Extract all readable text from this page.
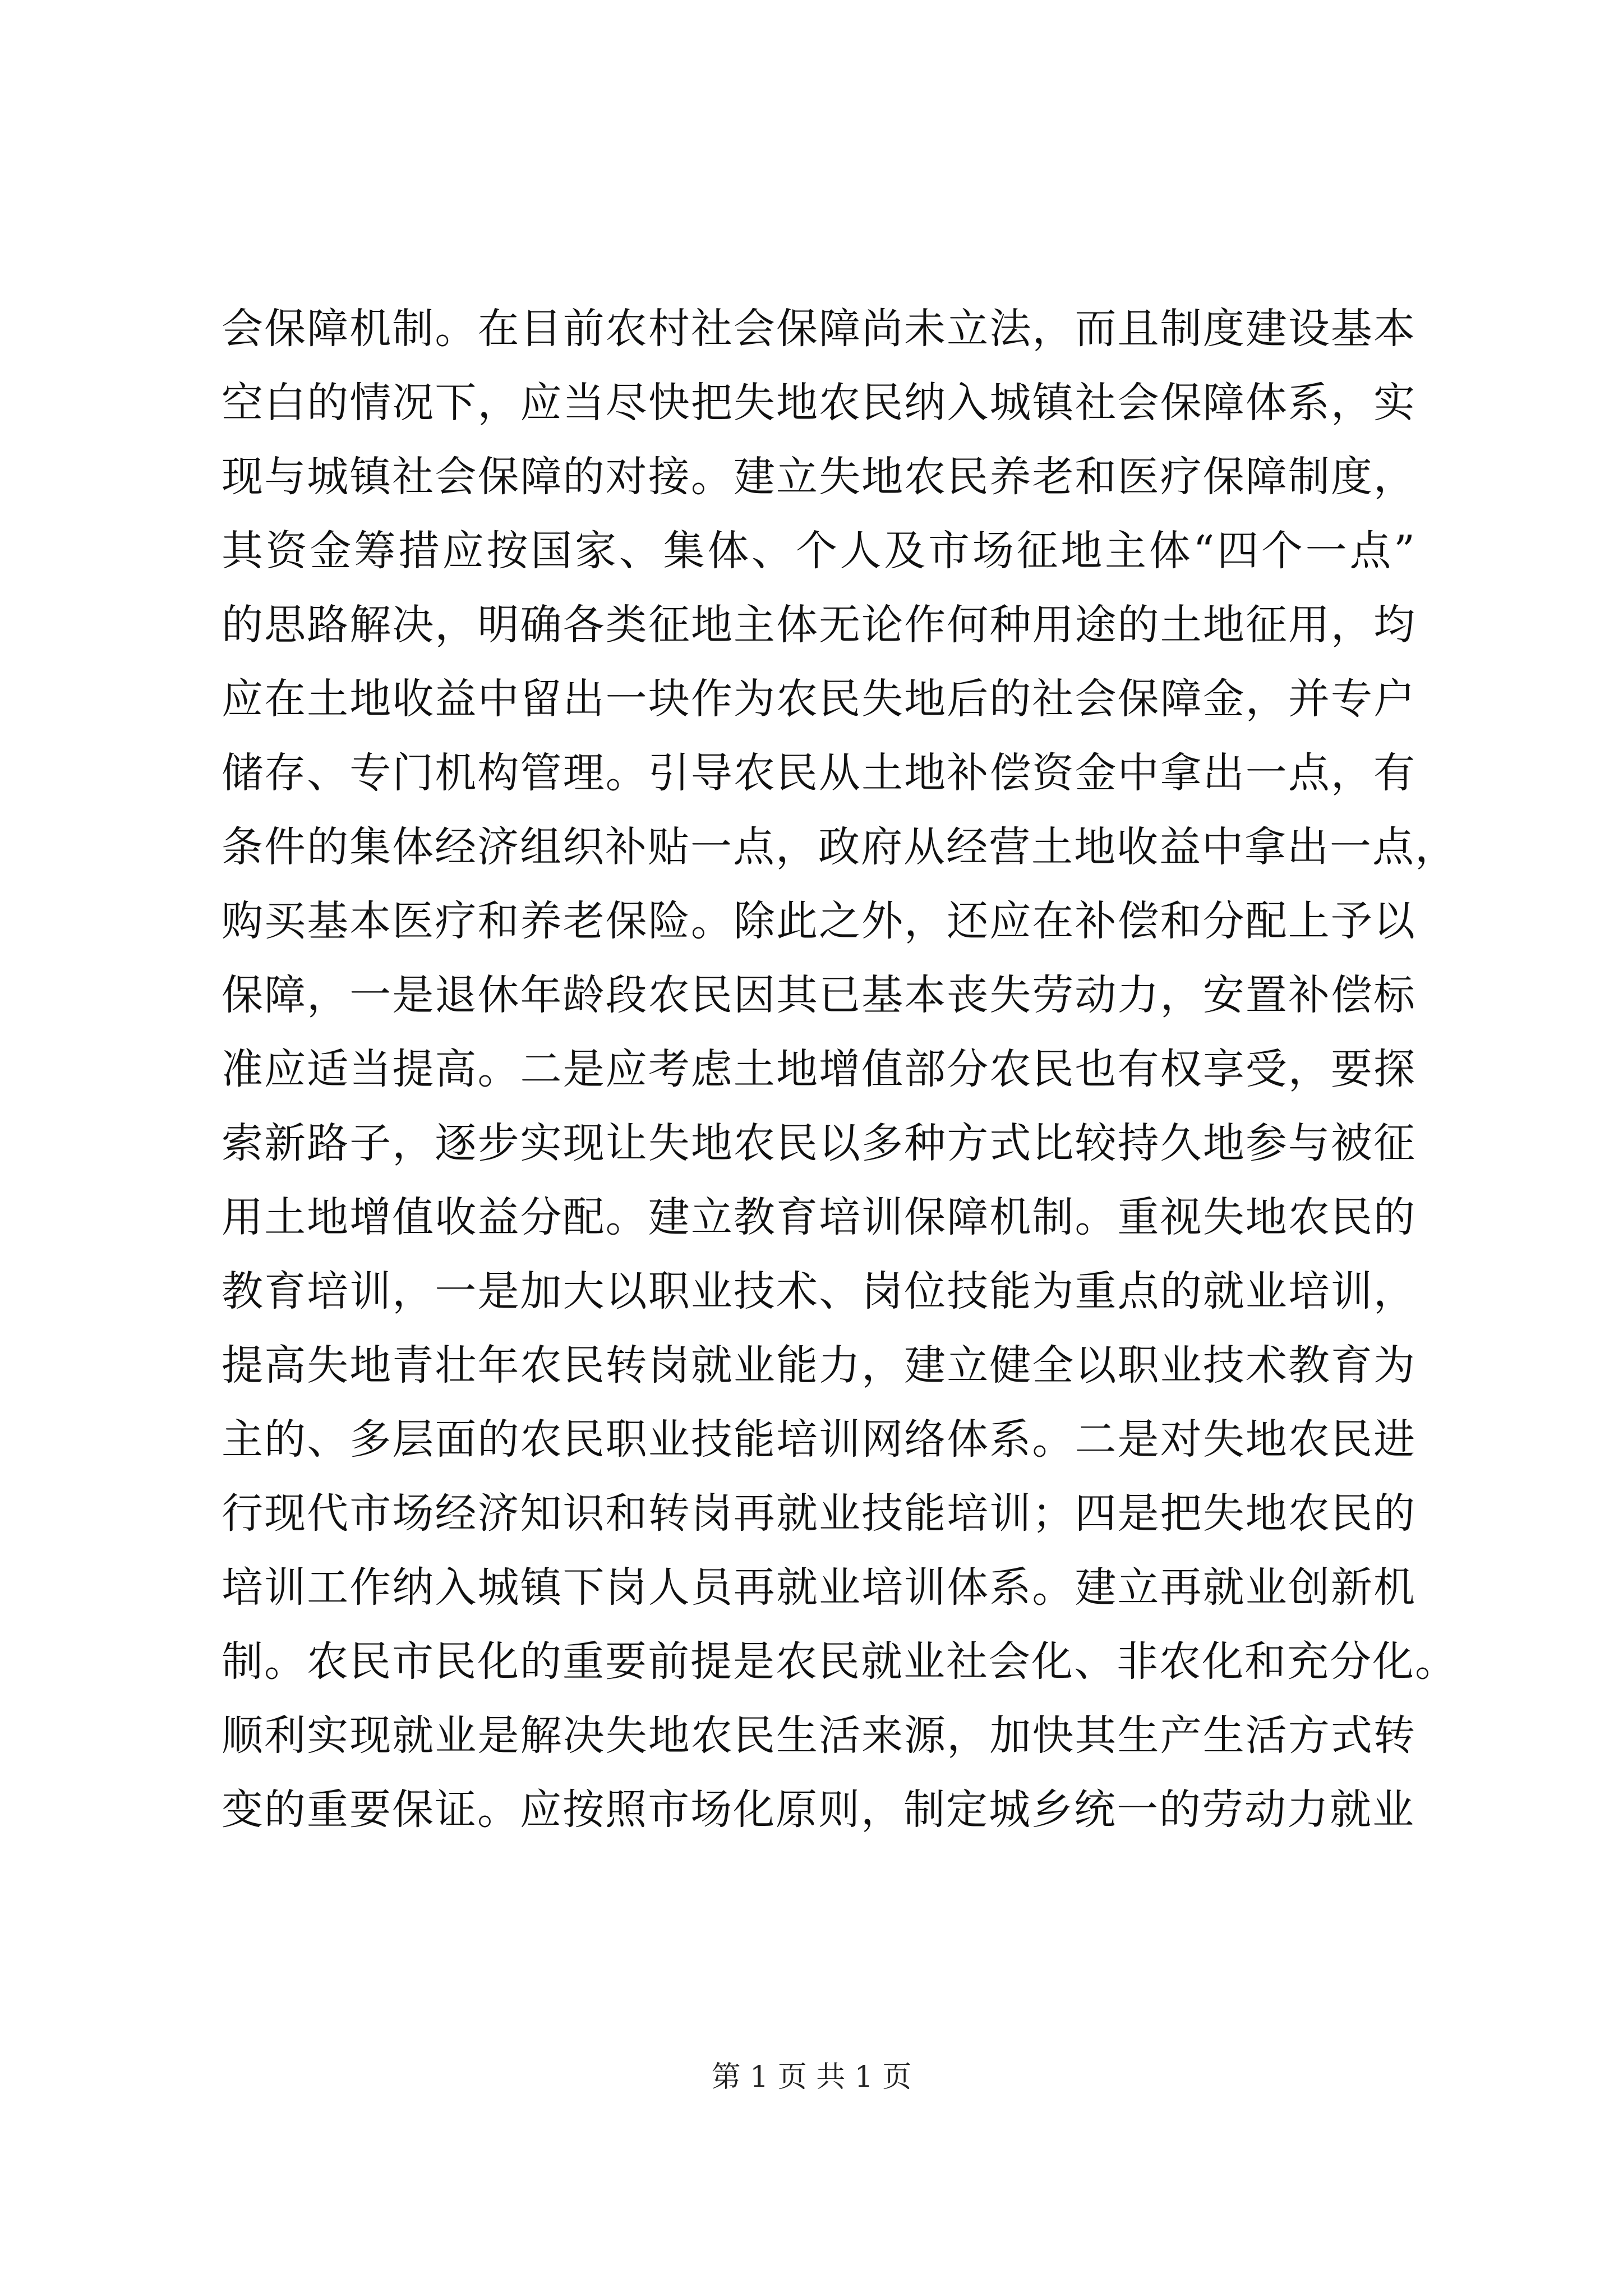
会保障机制。在目前农村社会保障尚未立法，而且制度建设基本
空白的情况下，应当尽快把失地农民纳入城镇社会保障体系，实
现与城镇社会保障的对接。建立失地农民养老和医疗保障制度，
其资金筹措应按国家、集体、个人及市场征地主体“四个一点”
的思路解决，明确各类征地主体无论作何种用途的土地征用，均
应在土地收益中留出一块作为农民失地后的社会保障金，并专户
储存、专门机构管理。引导农民从土地补偿资金中拿出一点，有
条件的集体经济组织补贴一点，政府从经营土地收益中拿出一点，
购买基本医疗和养老保险。除此之外，还应在补偿和分配上予以
保障，一是退休年龄段农民因其已基本丧失劳动力，安置补偿标
准应适当提高。二是应考虑土地增值部分农民也有权享受，要探
索新路子，逐步实现让失地农民以多种方式比较持久地参与被征
用土地增值收益分配。建立教育培训保障机制。重视失地农民的
教育培训，一是加大以职业技术、岗位技能为重点的就业培训，
提高失地青壮年农民转岗就业能力，建立健全以职业技术教育为
主的、多层面的农民职业技能培训网络体系。二是对失地农民进
行现代市场经济知识和转岗再就业技能培训；四是把失地农民的
培训工作纳入城镇下岗人员再就业培训体系。建立再就业创新机
制。农民市民化的重要前提是农民就业社会化、非农化和充分化。
顺利实现就业是解决失地农民生活来源，加快其生产生活方式转
变的重要保证。应按照市场化原则，制定城乡统一的劳动力就业
第 1 页 共 1 页
